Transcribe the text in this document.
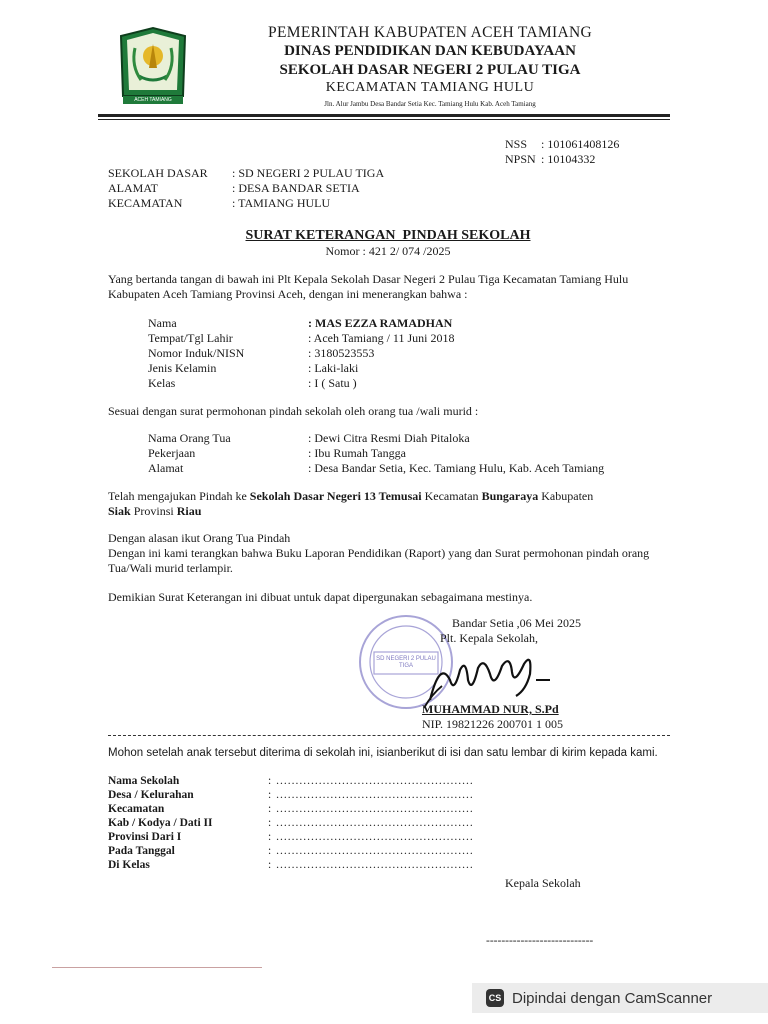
ACEH TAMIANG
PEMERINTAH KABUPATEN ACEH TAMIANG
DINAS PENDIDIKAN DAN KEBUDAYAAN
SEKOLAH DASAR NEGERI 2 PULAU TIGA
KECAMATAN TAMIANG HULU
Jln. Alur Jambu Desa Bandar Setia Kec. Tamiang Hulu Kab. Aceh Tamiang
NSS	: 101061408126
NPSN : 10104332
SEKOLAH DASAR	: SD NEGERI 2 PULAU TIGA
ALAMAT	: DESA BANDAR SETIA
KECAMATAN	: TAMIANG HULU
SURAT KETERANGAN  PINDAH SEKOLAH
Nomor : 421 2/ 074 /2025
Yang bertanda tangan di bawah ini Plt Kepala Sekolah Dasar Negeri 2 Pulau Tiga Kecamatan Tamiang Hulu Kabupaten Aceh Tamiang Provinsi Aceh, dengan ini menerangkan bahwa :
Nama	: MAS EZZA RAMADHAN
Tempat/Tgl Lahir	: Aceh Tamiang / 11 Juni 2018
Nomor Induk/NISN	: 3180523553
Jenis Kelamin	: Laki-laki
Kelas	: I ( Satu )
Sesuai dengan surat permohonan pindah sekolah oleh orang tua /wali murid :
Nama Orang Tua	: Dewi Citra Resmi Diah Pitaloka
Pekerjaan	: Ibu Rumah Tangga
Alamat	: Desa Bandar Setia, Kec. Tamiang Hulu, Kab. Aceh Tamiang
Telah mengajukan Pindah ke Sekolah Dasar Negeri 13 Temusai Kecamatan Bungaraya Kabupaten
Siak Provinsi Riau
Dengan alasan ikut Orang Tua Pindah
Dengan ini kami terangkan bahwa Buku Laporan Pendidikan (Raport) yang dan Surat permohonan pindah orang Tua/Wali murid terlampir.
Demikian Surat Keterangan ini dibuat untuk dapat dipergunakan sebagaimana mestinya.
SD NEGERI 2 PULAU TIGA
Bandar Setia ,06 Mei 2025
Plt. Kepala Sekolah,
MUHAMMAD NUR, S.Pd
NIP. 19821226 200701 1 005
Mohon setelah anak tersebut diterima di sekolah ini, isianberikut di isi dan satu lembar di kirim kepada kami.
Nama Sekolah	: ...................................................
Desa / Kelurahan	: ...................................................
Kecamatan	: ...................................................
Kab / Kodya / Dati II	: ...................................................
Provinsi Dari I	: ...................................................
Pada Tanggal	: ...................................................
Di Kelas	: ...................................................
Kepala Sekolah
----------------------------
CS Dipindai dengan CamScanner
